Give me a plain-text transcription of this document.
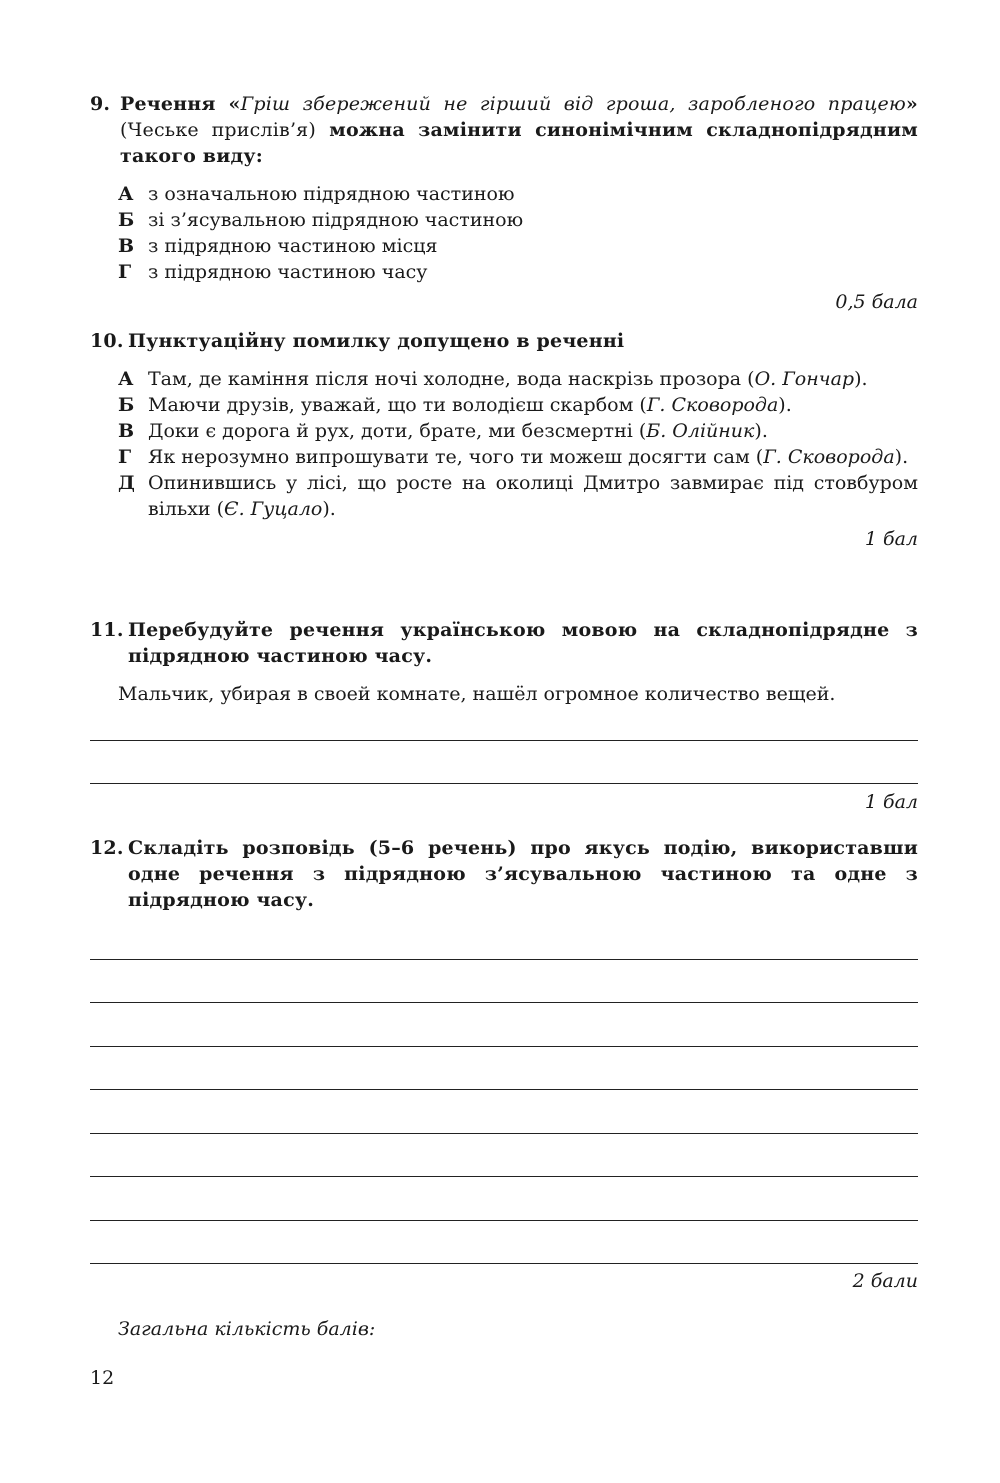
9. Речення «Гріш збережений не гірший від гроша, заробленого працею» (Чеське прислів’я) можна замінити синонімічним складнопідрядним такого виду:
А з означальною підрядною частиною
Б зі з’ясувальною підрядною частиною
В з підрядною частиною місця
Г з підрядною частиною часу
0,5 бала
10. Пунктуаційну помилку допущено в реченні
А Там, де каміння після ночі холодне, вода наскрізь прозора (О. Гончар).
Б Маючи друзів, уважай, що ти володієш скарбом (Г. Сковорода).
В Доки є дорога й рух, доти, брате, ми безсмертні (Б. Олійник).
Г Як нерозумно випрошувати те, чого ти можеш досягти сам (Г. Сковорода).
Д Опинившись у лісі, що росте на околиці Дмитро завмирає під стовбуром вільхи (Є. Гуцало).
1 бал
11. Перебудуйте речення українською мовою на складнопідрядне з підрядною частиною часу.
Мальчик, убирая в своей комнате, нашёл огромное количество вещей.
1 бал
12. Складіть розповідь (5–6 речень) про якусь подію, використавши одне речення з підрядною з’ясувальною частиною та одне з підрядною часу.
2 бали
Загальна кількість балів:
12
